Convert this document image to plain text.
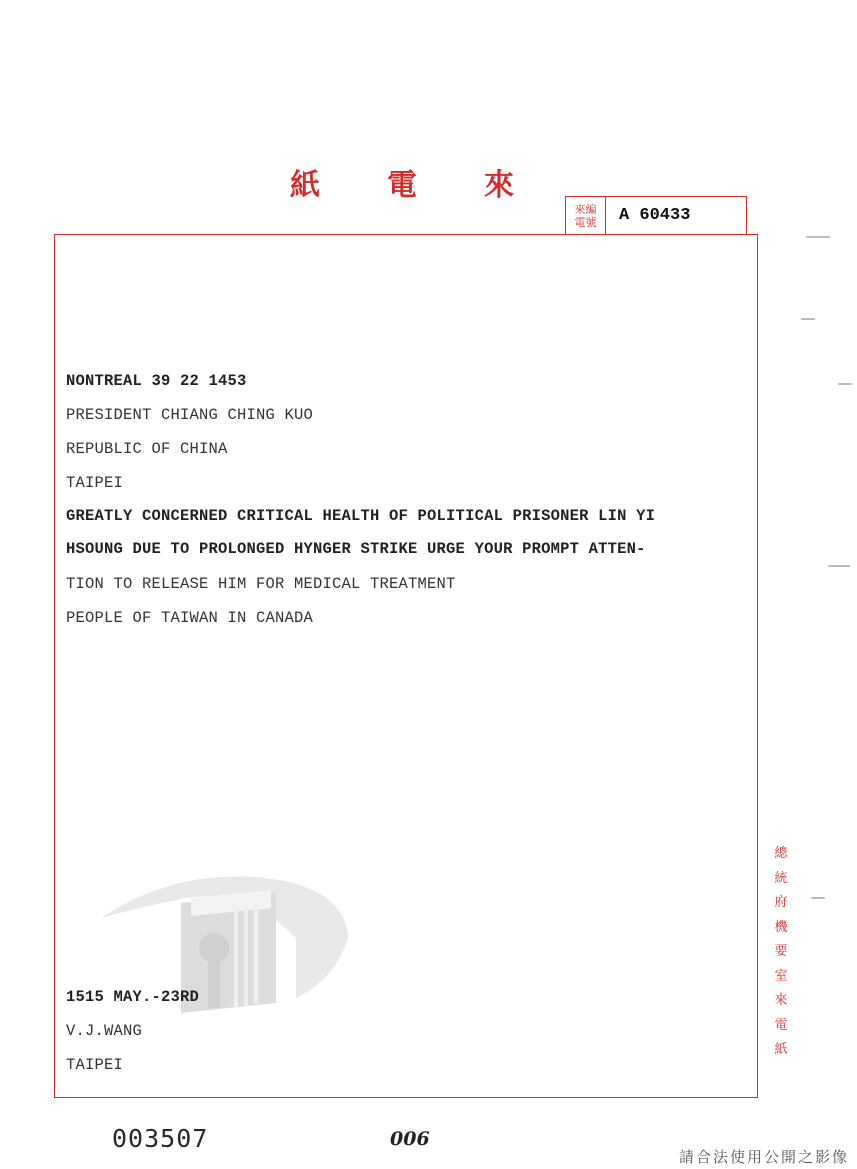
紙 電 來
來編電號	A 60433
NONTREAL 39 22 1453
PRESIDENT CHIANG CHING KUO
REPUBLIC OF CHINA
TAIPEI
GREATLY CONCERNED CRITICAL HEALTH OF POLITICAL PRISONER LIN YI
HSOUNG DUE TO PROLONGED HYNGER STRIKE URGE YOUR PROMPT ATTEN-
TION TO RELEASE HIM FOR MEDICAL TREATMENT
PEOPLE OF TAIWAN IN CANADA
1515 MAY.-23RD
V.J.WANG
TAIPEI
總統府機要室來電紙
003507	006
請合法使用公開之影像
